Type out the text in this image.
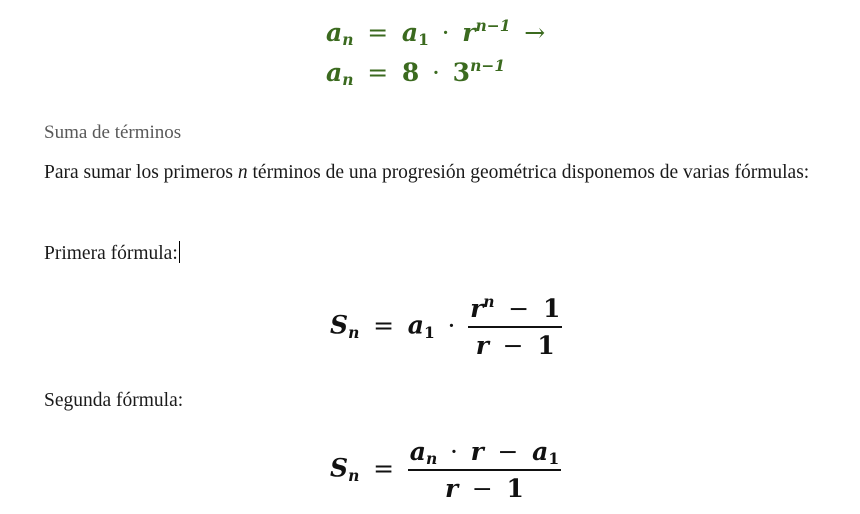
an = $a1 \cdot r^{n-1}$ →
an = $8 \cdot 3^{n-1}$
Suma de términos
Para sumar los primeros n términos de una progresión geométrica disponemos de varias fórmulas:
Primera fórmula:
$Sn = a1 \cdot \frac{r^n - 1}{r - 1}$
Segunda fórmula:
$Sn = \frac{an \cdot r - a1}{r - 1}$
